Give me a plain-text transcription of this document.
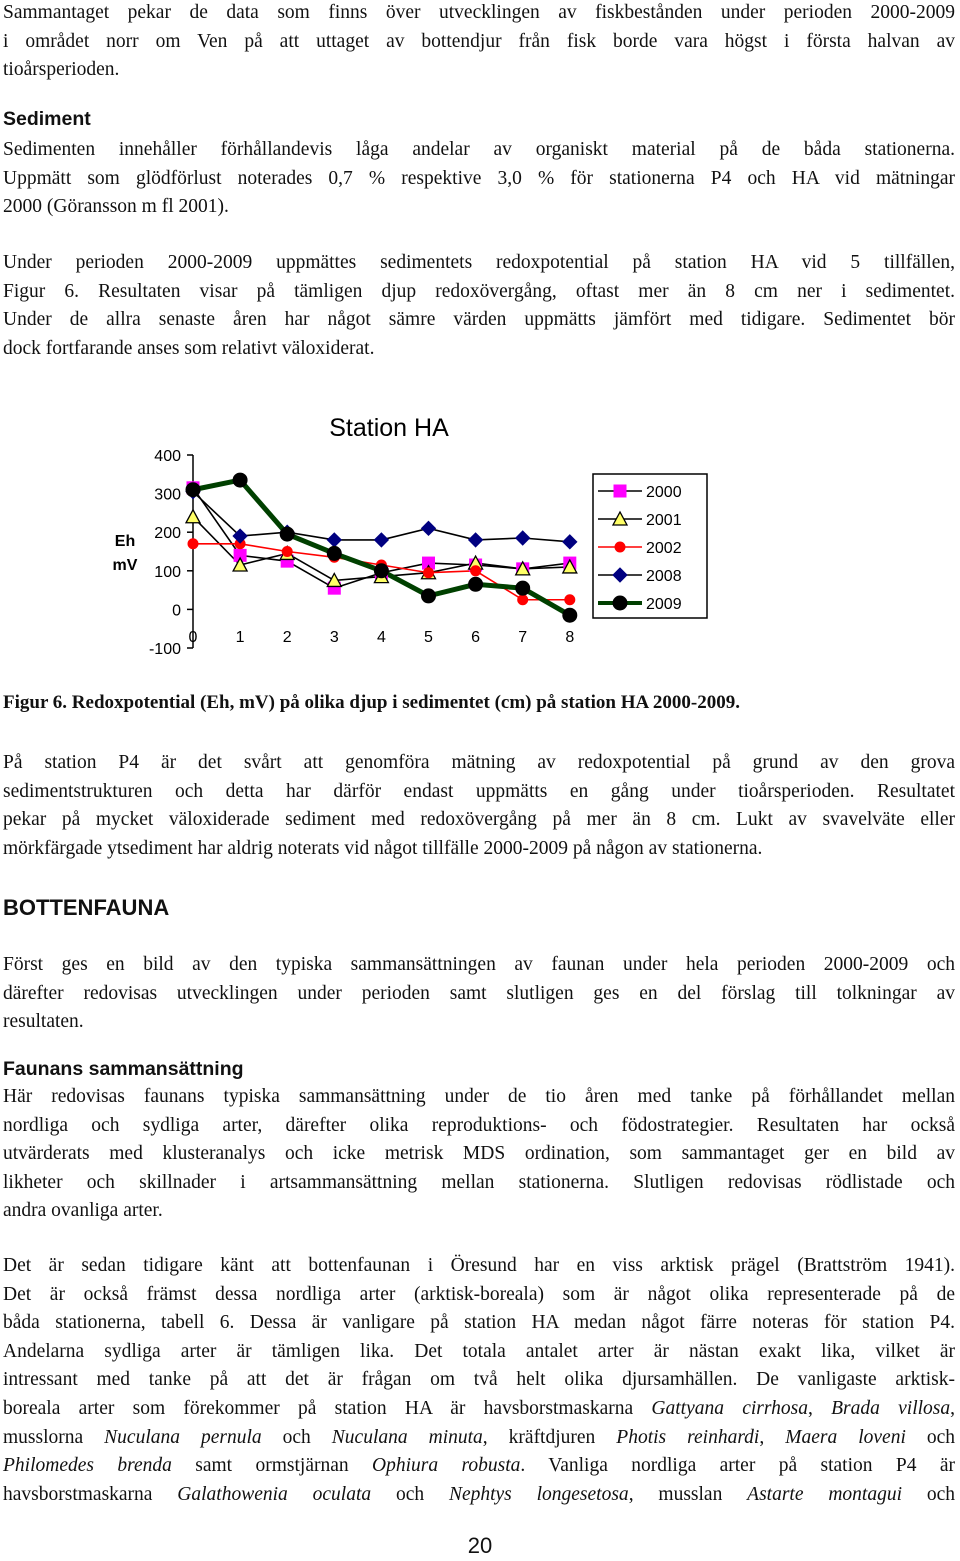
Sammantaget pekar de data som finns över utvecklingen av fiskbestånden under perioden 2000-2009
i området norr om Ven på att uttaget av bottendjur från fisk borde vara högst i första halvan av
tioårsperioden.
Sediment
Sedimenten innehåller förhållandevis låga andelar av organiskt material på de båda stationerna.
Uppmätt som glödförlust noterades 0,7 % respektive 3,0 % för stationerna P4 och HA vid mätningar
2000 (Göransson m fl 2001).
Under perioden 2000-2009 uppmättes sedimentets redoxpotential på station HA vid 5 tillfällen,
Figur 6. Resultaten visar på tämligen djup redoxövergång, oftast mer än 8 cm ner i sedimentet.
Under de allra senaste åren har något sämre värden uppmätts jämfört med tidigare. Sedimentet bör
dock fortfarande anses som relativt väloxiderat.
Station HA
Eh
mV
400
300
200
100
0
-100
0 1 2 3 4 5 6 7 8
2000
2001
2002
2008
2009
Figur 6. Redoxpotential (Eh, mV) på olika djup i sedimentet (cm) på station HA 2000-2009.
På station P4 är det svårt att genomföra mätning av redoxpotential på grund av den grova
sedimentstrukturen och detta har därför endast uppmätts en gång under tioårsperioden. Resultatet
pekar på mycket väloxiderade sediment med redoxövergång på mer än 8 cm. Lukt av svavelväte eller
mörkfärgade ytsediment har aldrig noterats vid något tillfälle 2000-2009 på någon av stationerna.
BOTTENFAUNA
Först ges en bild av den typiska sammansättningen av faunan under hela perioden 2000-2009 och
därefter redovisas utvecklingen under perioden samt slutligen ges en del förslag till tolkningar av
resultaten.
Faunans sammansättning
Här redovisas faunans typiska sammansättning under de tio åren med tanke på förhållandet mellan
nordliga och sydliga arter, därefter olika reproduktions- och födostrategier. Resultaten har också
utvärderats med klusteranalys och icke metrisk MDS ordination, som sammantaget ger en bild av
likheter och skillnader i artsammansättning mellan stationerna. Slutligen redovisas rödlistade och
andra ovanliga arter.
Det är sedan tidigare känt att bottenfaunan i Öresund har en viss arktisk prägel (Brattström 1941).
Det är också främst dessa nordliga arter (arktisk-boreala) som är något olika representerade på de
båda stationerna, tabell 6. Dessa är vanligare på station HA medan något färre noteras för station P4.
Andelarna sydliga arter är tämligen lika. Det totala antalet arter är nästan exakt lika, vilket är
intressant med tanke på att det är frågan om två helt olika djursamhällen. De vanligaste arktisk-
boreala arter som förekommer på station HA är havsborstmaskarna Gattyana cirrhosa, Brada villosa,
musslorna Nuculana pernula och Nuculana minuta, kräftdjuren Photis reinhardi, Maera loveni och
Philomedes brenda samt ormstjärnan Ophiura robusta. Vanliga nordliga arter på station P4 är
havsborstmaskarna Galathowenia oculata och Nephtys longesetosa, musslan Astarte montagui och
20
